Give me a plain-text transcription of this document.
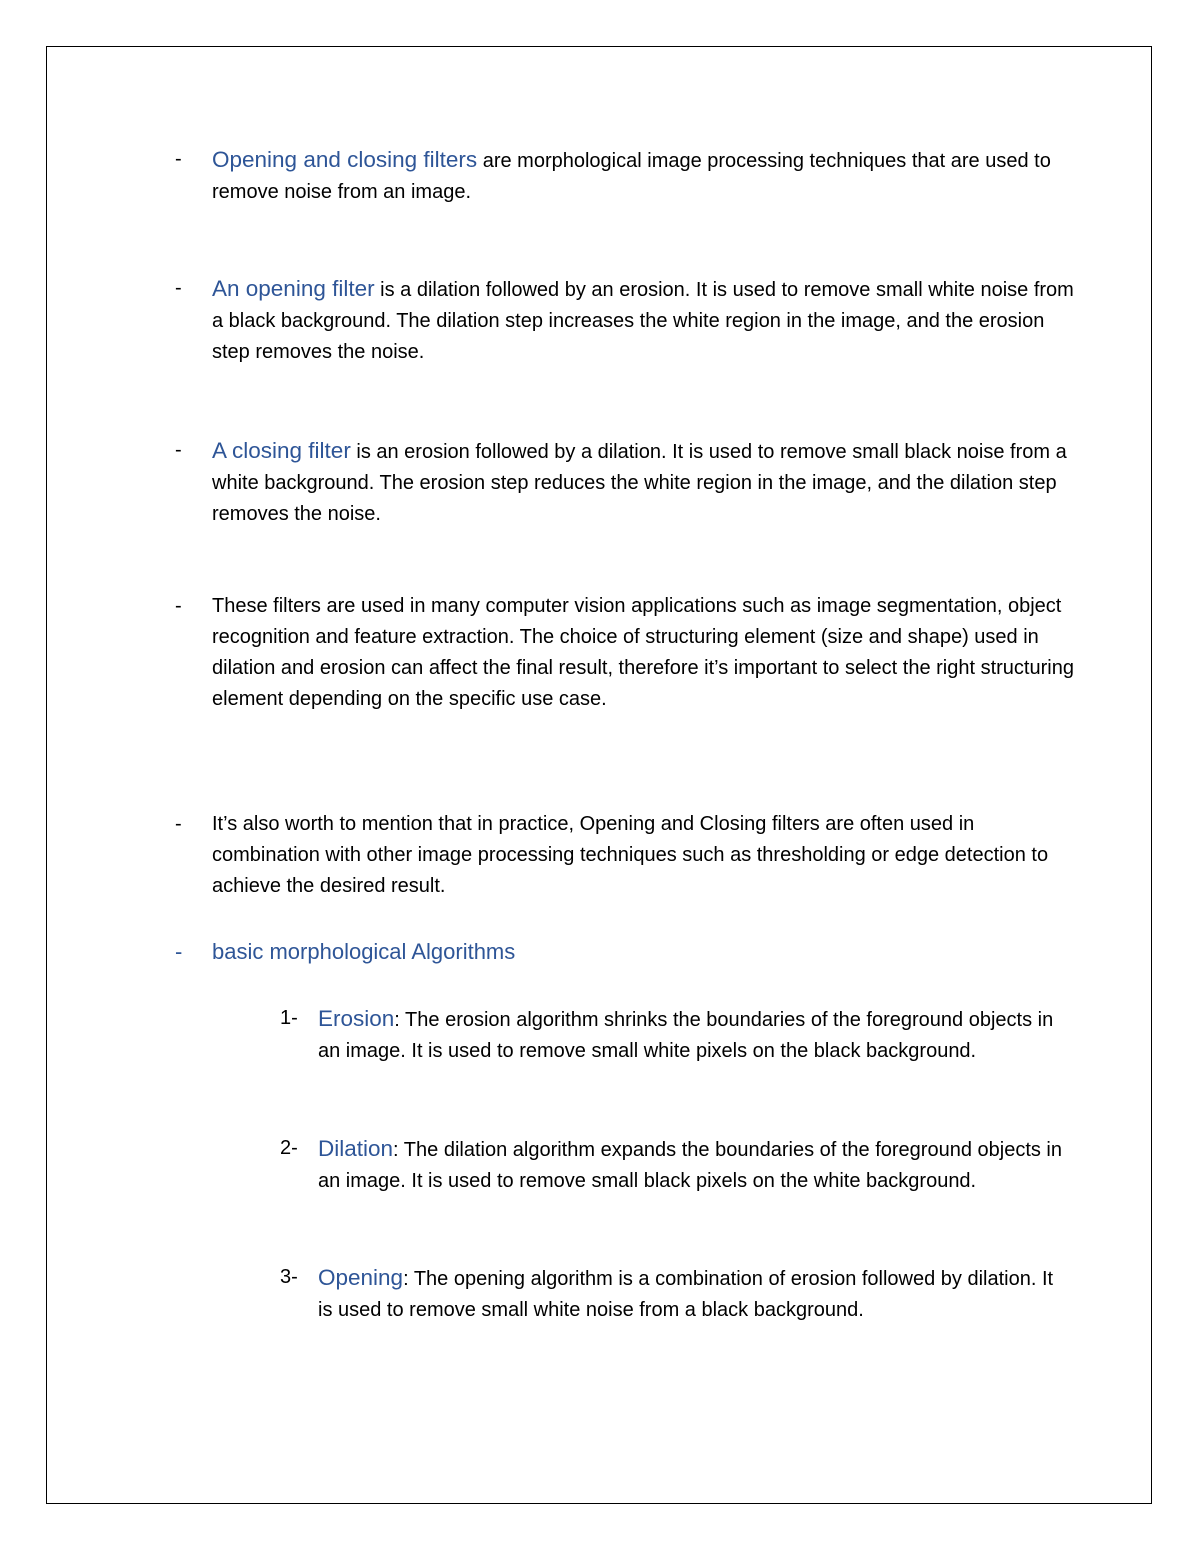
- Opening and closing filters are morphological image processing techniques that are used to remove noise from an image.
- An opening filter is a dilation followed by an erosion. It is used to remove small white noise from a black background. The dilation step increases the white region in the image, and the erosion step removes the noise.
- A closing filter is an erosion followed by a dilation. It is used to remove small black noise from a white background. The erosion step reduces the white region in the image, and the dilation step removes the noise.
- These filters are used in many computer vision applications such as image segmentation, object recognition and feature extraction. The choice of structuring element (size and shape) used in dilation and erosion can affect the final result, therefore it’s important to select the right structuring element depending on the specific use case.
- It’s also worth to mention that in practice, Opening and Closing filters are often used in combination with other image processing techniques such as thresholding or edge detection to achieve the desired result.
- basic morphological Algorithms
1- Erosion: The erosion algorithm shrinks the boundaries of the foreground objects in an image. It is used to remove small white pixels on the black background.
2- Dilation: The dilation algorithm expands the boundaries of the foreground objects in an image. It is used to remove small black pixels on the white background.
3- Opening: The opening algorithm is a combination of erosion followed by dilation. It is used to remove small white noise from a black background.
